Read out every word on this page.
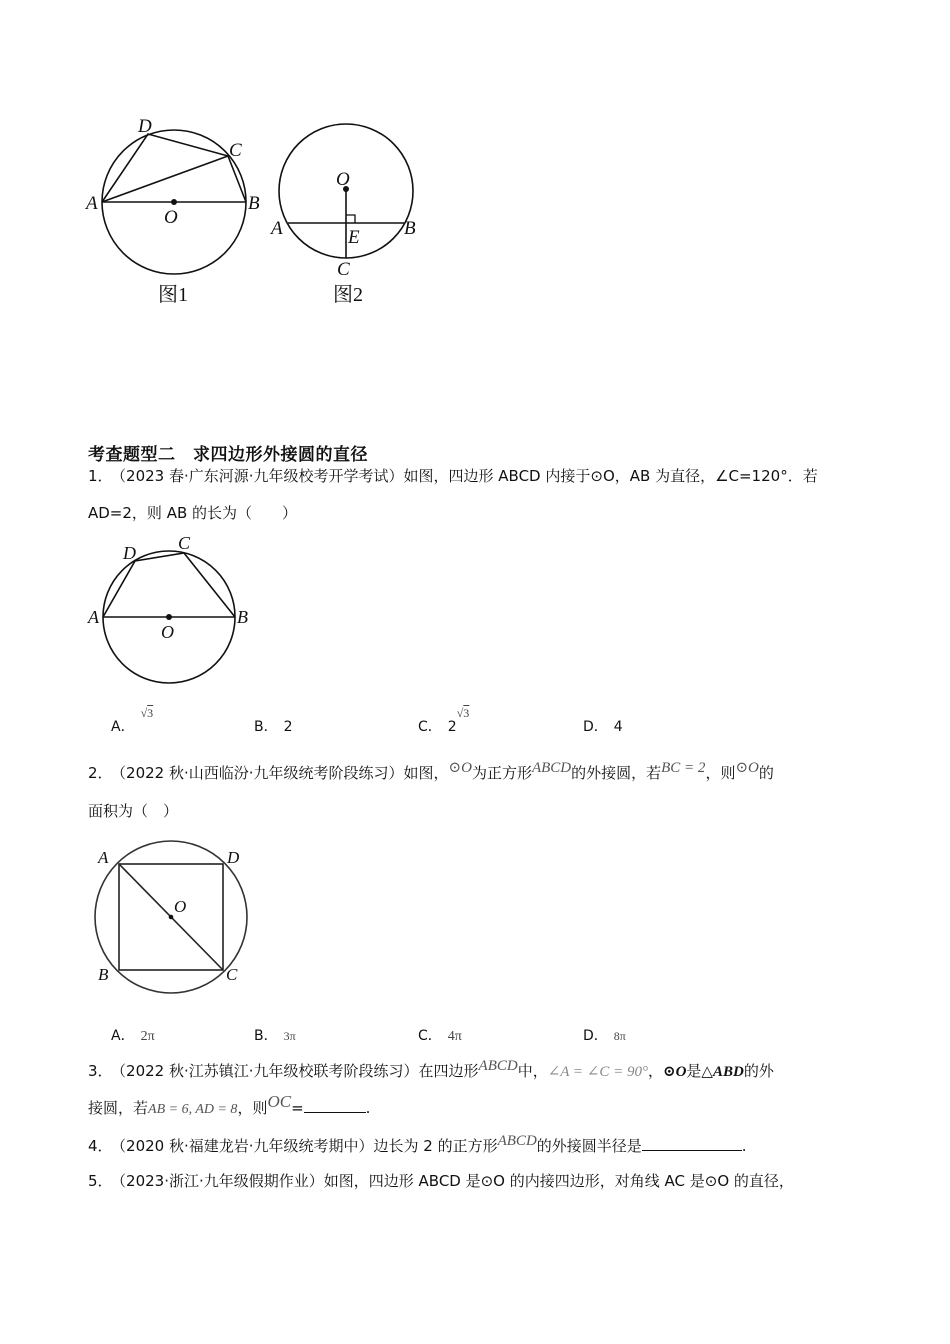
D
C
A	B
O
图1
O
A	B
E
C
图2
考查题型二　求四边形外接圆的直径
1． （2023 春·广东河源·九年级校考开学考试）如图，四边形 ABCD 内接于⊙O，AB 为直径，∠C=120°．若
AD=2，则 AB 的长为（　　）
D C
A	B
O
A．√3
B． 2	C． 2√3
D． 4
2． （2022 秋·山西临汾·九年级统考阶段练习）如图，⊙O为正方形ABCD的外接圆，若BC = 2，则⊙O的
面积为（　）
A	D
B	C
O
A． 2π	B． 3π	C． 4π	D． 8π
3． （2022 秋·江苏镇江·九年级校联考阶段练习）在四边形ABCD中，∠A = ∠C = 90°，⊙O是△ABD的外
接圆，若AB = 6, AD = 8，则OC=	.
4． （2020 秋·福建龙岩·九年级统考期中）边长为 2 的正方形ABCD的外接圆半径是	.
5． （2023·浙江·九年级假期作业）如图，四边形 ABCD 是⊙O 的内接四边形，对角线 AC 是⊙O 的直径，
